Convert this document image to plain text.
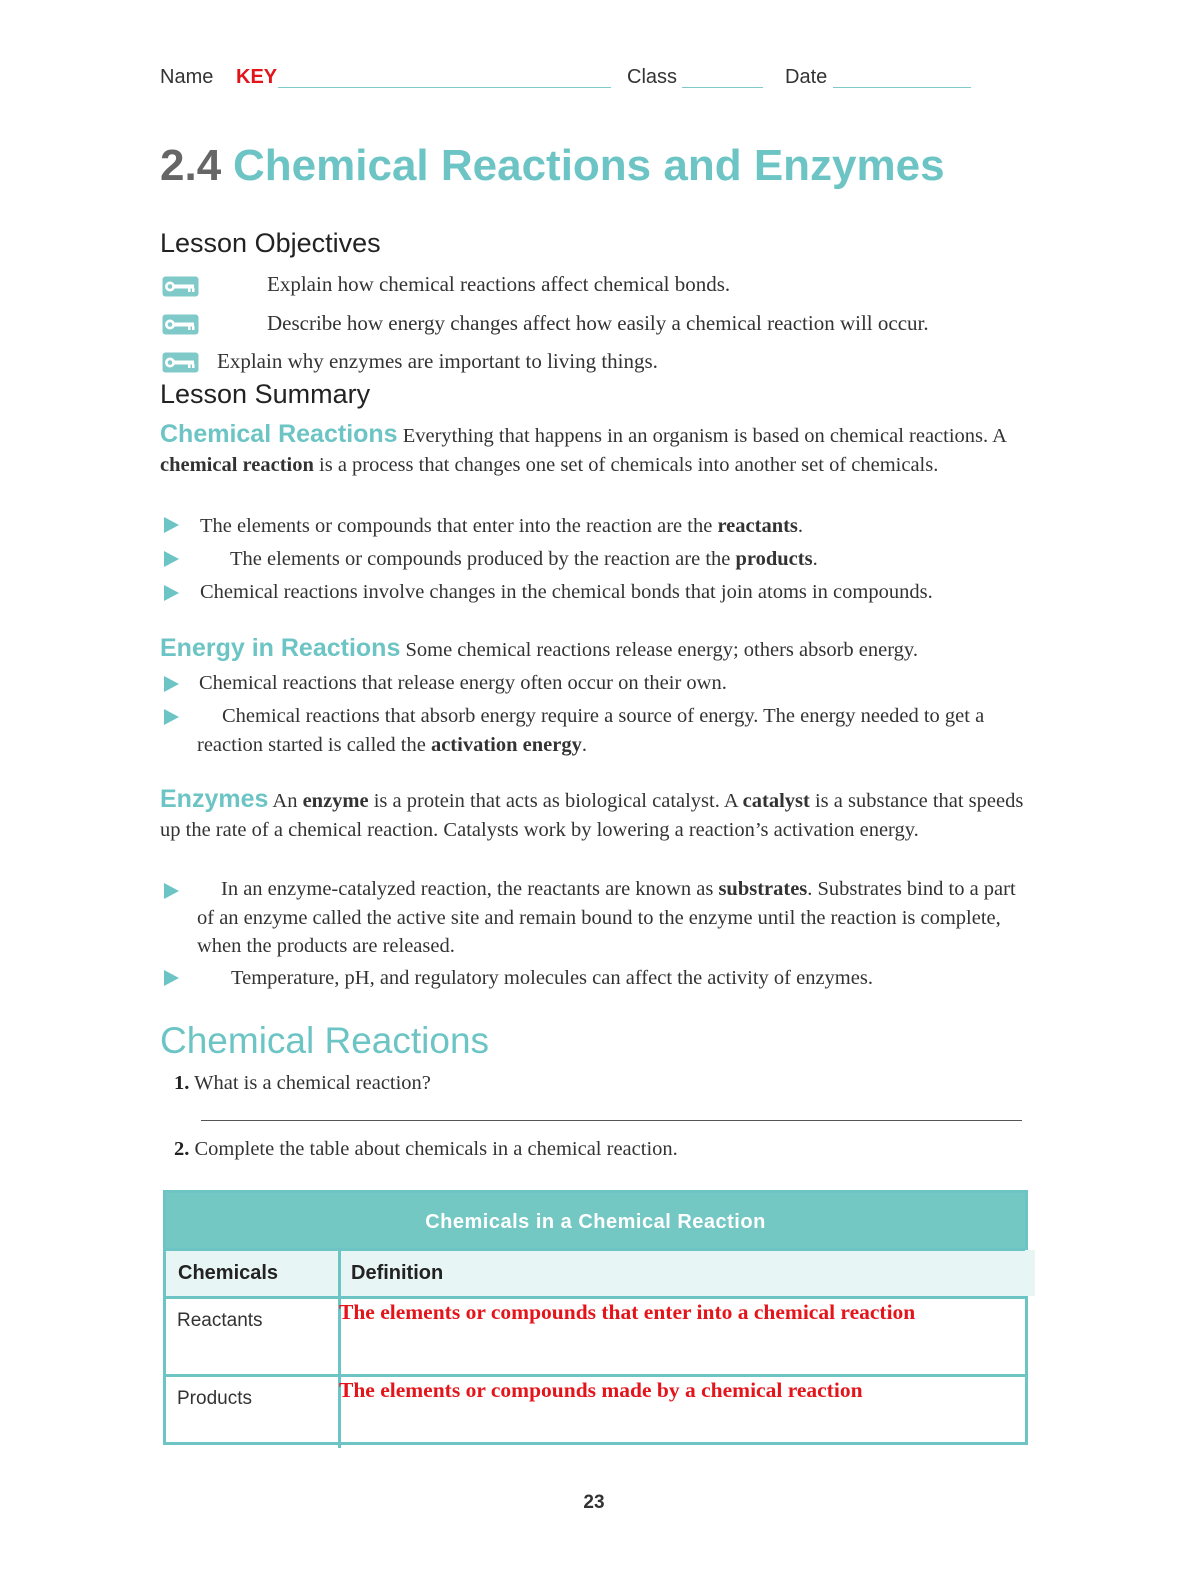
Name KEY	Class	Date
2.4 Chemical Reactions and Enzymes
Lesson Objectives
Explain how chemical reactions affect chemical bonds.
Describe how energy changes affect how easily a chemical reaction will occur.
Explain why enzymes are important to living things.
Lesson Summary
Chemical Reactions Everything that happens in an organism is based on chemical reactions. A chemical reaction is a process that changes one set of chemicals into another set of chemicals.
The elements or compounds that enter into the reaction are the reactants.
The elements or compounds produced by the reaction are the products.
Chemical reactions involve changes in the chemical bonds that join atoms in compounds.
Energy in Reactions Some chemical reactions release energy; others absorb energy.
Chemical reactions that release energy often occur on their own.
Chemical reactions that absorb energy require a source of energy. The energy needed to get a reaction started is called the activation energy.
Enzymes An enzyme is a protein that acts as biological catalyst. A catalyst is a substance that speeds up the rate of a chemical reaction. Catalysts work by lowering a reaction’s activation energy.
In an enzyme-catalyzed reaction, the reactants are known as substrates. Substrates bind to a part of an enzyme called the active site and remain bound to the enzyme until the reaction is complete, when the products are released.
Temperature, pH, and regulatory molecules can affect the activity of enzymes.
Chemical Reactions
1. What is a chemical reaction?
2. Complete the table about chemicals in a chemical reaction.
Chemicals in a Chemical Reaction
Chemicals	Definition
Reactants	The elements or compounds that enter into a chemical reaction
Products	The elements or compounds made by a chemical reaction
23
